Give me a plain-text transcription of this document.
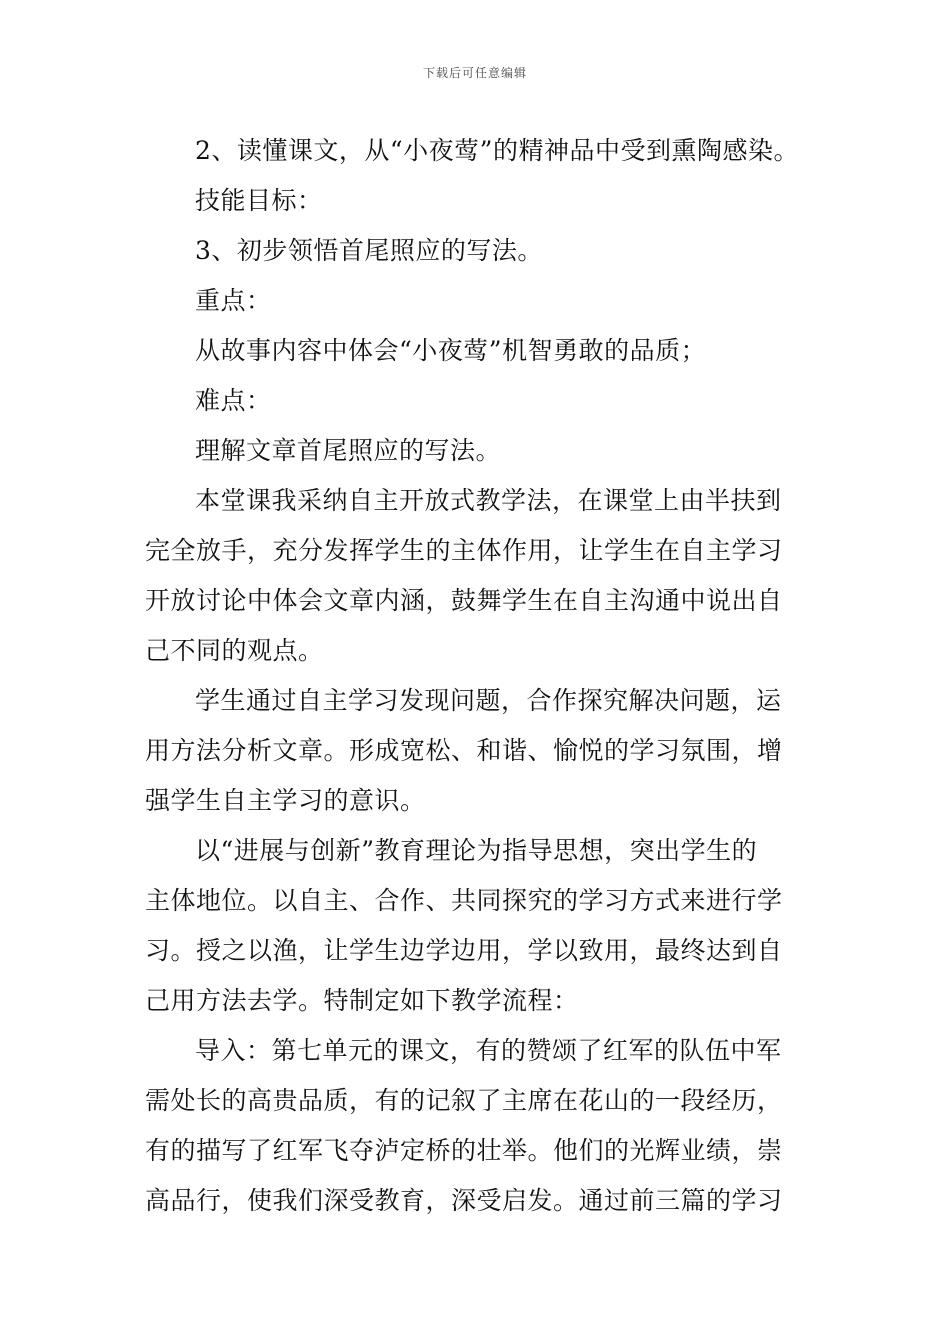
下载后可任意编辑
2、读懂课文，从“小夜莺”的精神品中受到熏陶感染。
技能目标：
3、初步领悟首尾照应的写法。
重点：
从故事内容中体会“小夜莺”机智勇敢的品质；
难点：
理解文章首尾照应的写法。
本堂课我采纳自主开放式教学法，在课堂上由半扶到
完全放手，充分发挥学生的主体作用，让学生在自主学习
开放讨论中体会文章内涵，鼓舞学生在自主沟通中说出自
己不同的观点。
学生通过自主学习发现问题，合作探究解决问题，运
用方法分析文章。形成宽松、和谐、愉悦的学习氛围，增
强学生自主学习的意识。
以“进展与创新”教育理论为指导思想，突出学生的
主体地位。以自主、合作、共同探究的学习方式来进行学
习。授之以渔，让学生边学边用，学以致用，最终达到自
己用方法去学。特制定如下教学流程：
导入：第七单元的课文，有的赞颂了红军的队伍中军
需处长的高贵品质，有的记叙了主席在花山的一段经历，
有的描写了红军飞夺泸定桥的壮举。他们的光辉业绩，崇
高品行，使我们深受教育，深受启发。通过前三篇的学习
